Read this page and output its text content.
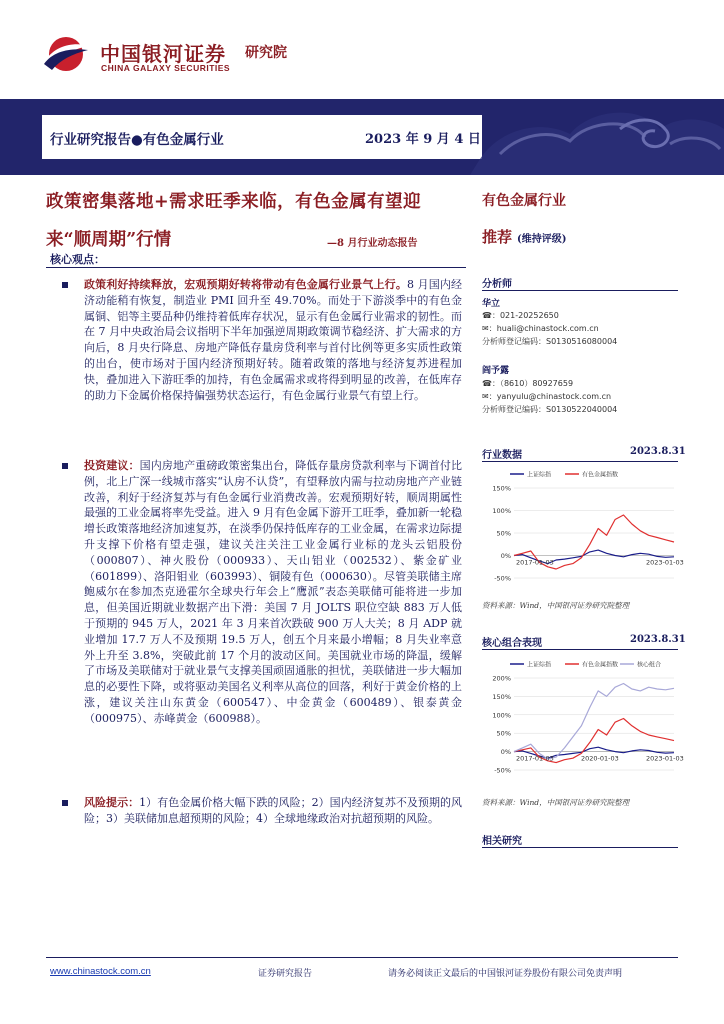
中国银河证券 研究院
CHINA GALAXY SECURITIES
行业研究报告●有色金属行业	2023 年 9 月 4 日
政策密集落地+需求旺季来临，有色金属有望迎
来“顺周期”行情	—8 月行业动态报告
核心观点：
政策利好持续释放，宏观预期好转将带动有色金属行业景气上行。8 月国内经济动能稍有恢复，制造业 PMI 回升至 49.70%。而处于下游淡季中的有色金属铜、铝等主要品种仍维持着低库存状况，显示有色金属行业需求的韧性。而在 7 月中央政治局会议指明下半年加强逆周期政策调节稳经济、扩大需求的方向后，8 月央行降息、房地产降低存量房贷利率与首付比例等更多实质性政策的出台，使市场对于国内经济预期好转。随着政策的落地与经济复苏进程加快，叠加进入下游旺季的加持，有色金属需求或将得到明显的改善，在低库存的助力下金属价格保持偏强势状态运行，有色金属行业景气有望上行。
投资建议：国内房地产重磅政策密集出台，降低存量房贷款利率与下调首付比例，北上广深一线城市落实“认房不认贷”，有望释放内需与拉动房地产产业链改善，利好于经济复苏与有色金属行业消费改善。宏观预期好转，顺周期属性最强的工业金属将率先受益。进入 9 月有色金属下游开工旺季，叠加新一轮稳增长政策落地经济加速复苏，在淡季仍保持低库存的工业金属，在需求边际提升支撑下价格有望走强，建议关注关注工业金属行业标的龙头云铝股份（000807）、神火股份（000933）、天山铝业（002532）、紫金矿业（601899）、洛阳钼业（603993）、铜陵有色（000630）。尽管美联储主席鲍威尔在参加杰克逊霍尔全球央行年会上“鹰派”表态美联储可能将进一步加息，但美国近期就业数据产出下滑：美国 7 月 JOLTS 职位空缺 883 万人低于预期的 945 万人，2021 年 3 月来首次跌破 900 万人大关；8 月 ADP 就业增加 17.7 万人不及预期 19.5 万人，创五个月来最小增幅；8 月失业率意外上升至 3.8%，突破此前 17 个月的波动区间。美国就业市场的降温，缓解了市场及美联储对于就业景气支撑美国顽固通胀的担忧，美联储进一步大幅加息的必要性下降，或将驱动美国名义利率从高位的回落，利好于黄金价格的上涨，建议关注山东黄金（600547）、中金黄金（600489）、银泰黄金（000975）、赤峰黄金（600988）。
风险提示：1）有色金属价格大幅下跌的风险；2）国内经济复苏不及预期的风险；3）美联储加息超预期的风险；4）全球地缘政治对抗超预期的风险。
有色金属行业
推荐 (维持评级)
分析师
华立
☎：021-20252650
✉：huali@chinastock.com.cn
分析师登记编码：S0130516080004
阎予露
☎：（8610）80927659
✉：yanyulu@chinastock.com.cn
分析师登记编码：S0130522040004
行业数据	2023.8.31
上证综指	有色金属指数
150%
100%
50%
0%
-50%
2017-01-03	2023-01-03
资料来源：Wind，中国银河证券研究院整理
核心组合表现	2023.8.31
上证综指	有色金属指数	核心组合
200%
150%
100%
50%
0%
-50%
2017-01-03	2020-01-03	2023-01-03
资料来源：Wind，中国银河证券研究院整理
相关研究
www.chinastock.com.cn	证券研究报告	请务必阅读正文最后的中国银河证券股份有限公司免责声明
